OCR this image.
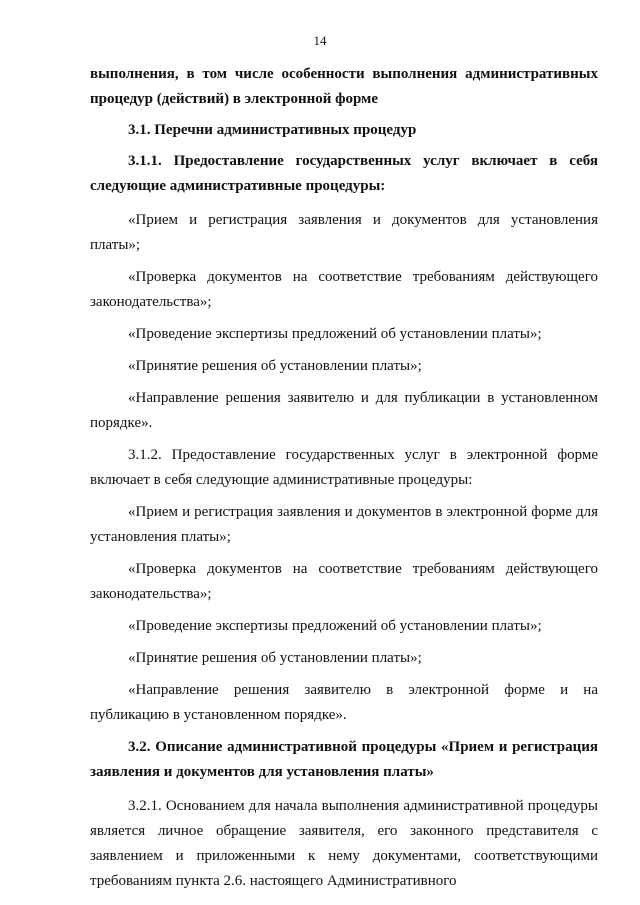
14

выполнения, в том числе особенности выполнения административных процедур (действий) в электронной форме

3.1. Перечни административных процедур

3.1.1. Предоставление государственных услуг включает в себя следующие административные процедуры:

«Прием и регистрация заявления и документов для установления платы»;

«Проверка документов на соответствие требованиям действующего законодательства»;

«Проведение экспертизы предложений об установлении платы»;

«Принятие решения об установлении платы»;

«Направление решения заявителю и для публикации в установленном порядке».

3.1.2. Предоставление государственных услуг в электронной форме включает в себя следующие административные процедуры:

«Прием и регистрация заявления и документов в электронной форме для установления платы»;

«Проверка документов на соответствие требованиям действующего законодательства»;

«Проведение экспертизы предложений об установлении платы»;

«Принятие решения об установлении платы»;

«Направление решения заявителю в электронной форме и на публикацию в установленном порядке».

3.2. Описание административной процедуры «Прием и регистрация заявления и документов для установления платы»

3.2.1. Основанием для начала выполнения административной процедуры является личное обращение заявителя, его законного представителя с заявлением и приложенными к нему документами, соответствующими требованиям пункта 2.6. настоящего Административного
